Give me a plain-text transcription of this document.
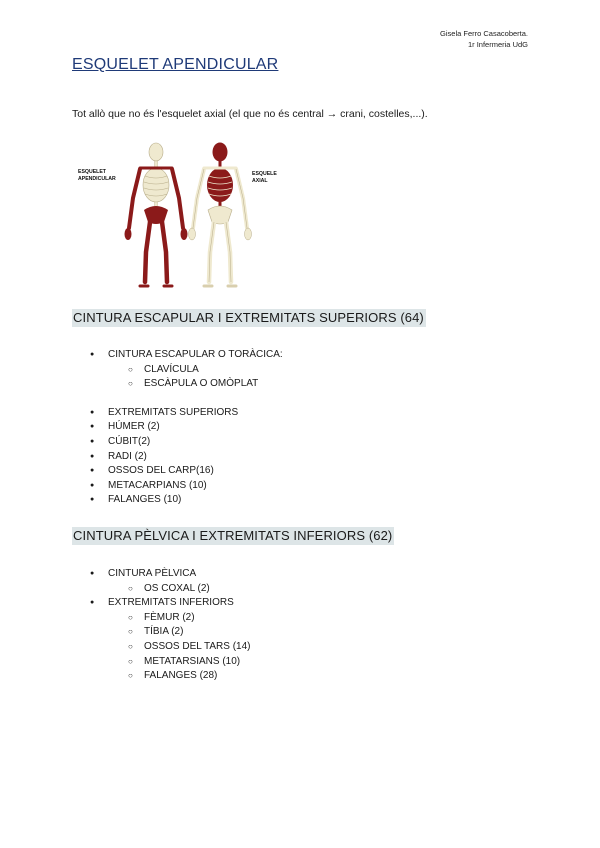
Gisela Ferro Casacoberta.
1r Infermeria UdG
ESQUELET APENDICULAR

Tot allò que no és l'esquelet axial (el que no és central → crani, costelles,...).

ESQUELET
APENDICULAR
ESQUELE
AXIAL
CINTURA ESCAPULAR I EXTREMITATS SUPERIORS (64)
● CINTURA ESCAPULAR O TORÀCICA:
○ CLAVÍCULA
○ ESCÀPULA O OMÒPLAT
● EXTREMITATS SUPERIORS
● HÚMER (2)
● CÚBIT(2)
● RADI (2)
● OSSOS DEL CARP(16)
● METACARPIANS (10)
● FALANGES (10)
CINTURA PÈLVICA I EXTREMITATS INFERIORS (62)
● CINTURA PÈLVICA
○ OS COXAL (2)
● EXTREMITATS INFERIORS
○ FÈMUR (2)
○ TÍBIA (2)
○ OSSOS DEL TARS (14)
○ METATARSIANS (10)
○ FALANGES (28)
